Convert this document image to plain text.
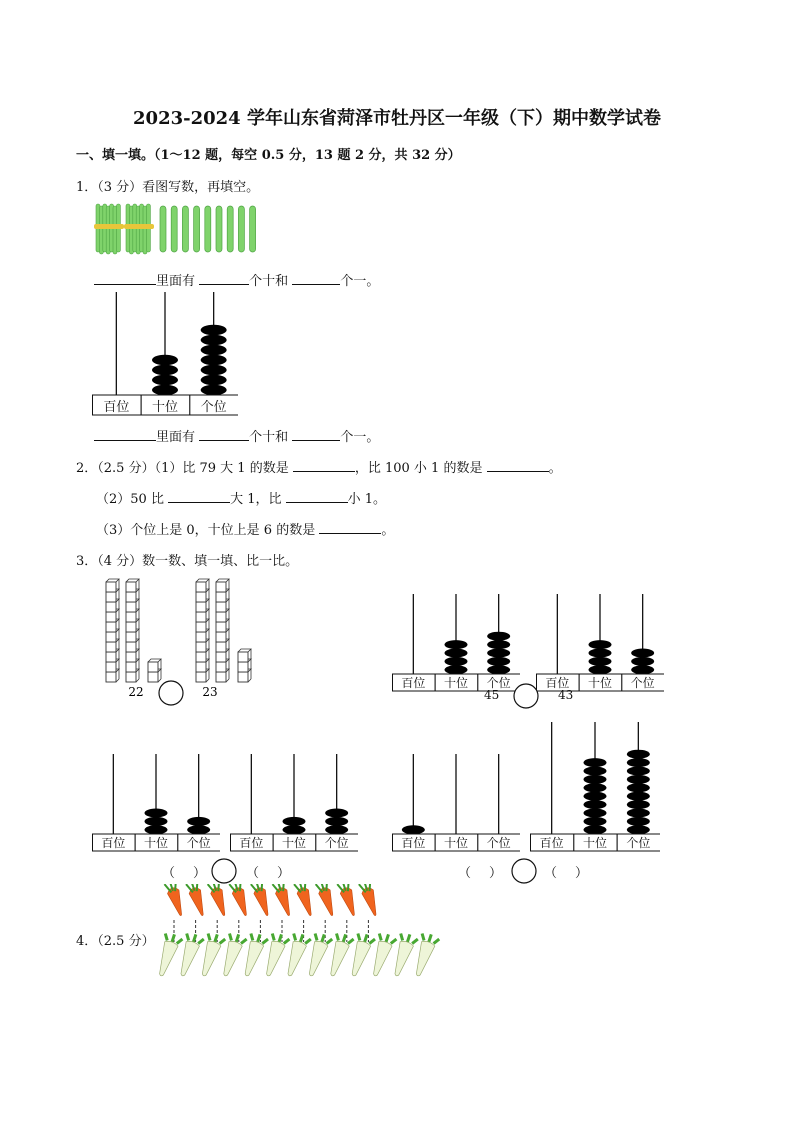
2023-2024 学年山东省菏泽市牡丹区一年级（下）期中数学试卷
一、填一填。（1～12 题，每空 0.5 分，13 题 2 分，共 32 分）
1．（3 分）看图写数，再填空。
里面有	个十和	个一。
百位 十位 个位
里面有	个十和	个一。
2．（2.5 分）（1）比 79 大 1 的数是	，比 100 小 1 的数是	。
（2）50 比	大 1，比	小 1。
（3）个位上是 0，十位上是 6 的数是	。
3．（4 分）数一数、填一填、比一比。
22	23
百位 十位 个位	百位 十位 个位
45	43
百位 十位 个位 百位 十位 个位	百位 十位 个位 百位 十位 个位
（ ）	（ ）	（ ）	（ ）
4．（2.5 分）
